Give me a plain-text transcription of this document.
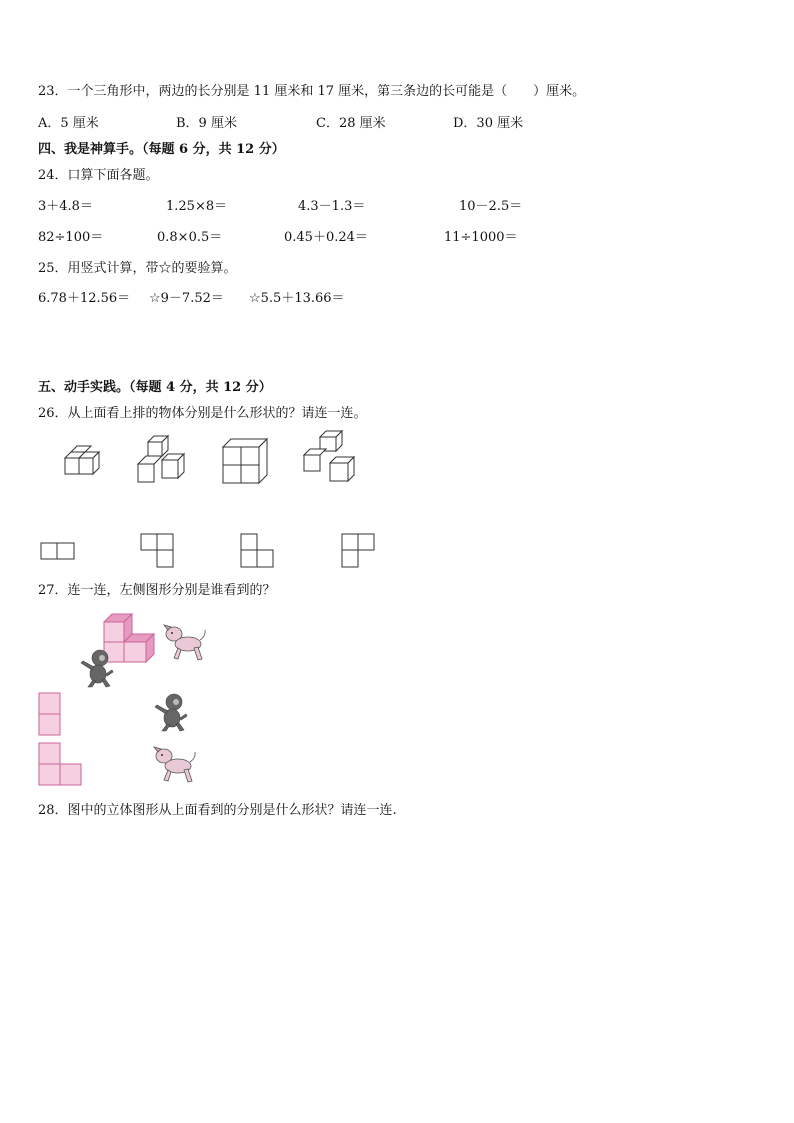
23．一个三角形中，两边的长分别是 11 厘米和 17 厘米，第三条边的长可能是（　　）厘米。
A．5 厘米	B．9 厘米	C．28 厘米	D．30 厘米
四、我是神算手。（每题 6 分，共 12 分）
24．口算下面各题。
3＋4.8＝	1.25×8＝	4.3－1.3＝	10－2.5＝
82÷100＝	0.8×0.5＝	0.45＋0.24＝	11÷1000＝
25．用竖式计算，带☆的要验算。
6.78＋12.56＝ ☆9－7.52＝ ☆5.5＋13.66＝
五、动手实践。（每题 4 分，共 12 分）
26．从上面看上排的物体分别是什么形状的？请连一连。
27．连一连，左侧图形分别是谁看到的？
28．图中的立体图形从上面看到的分别是什么形状？请连一连.
